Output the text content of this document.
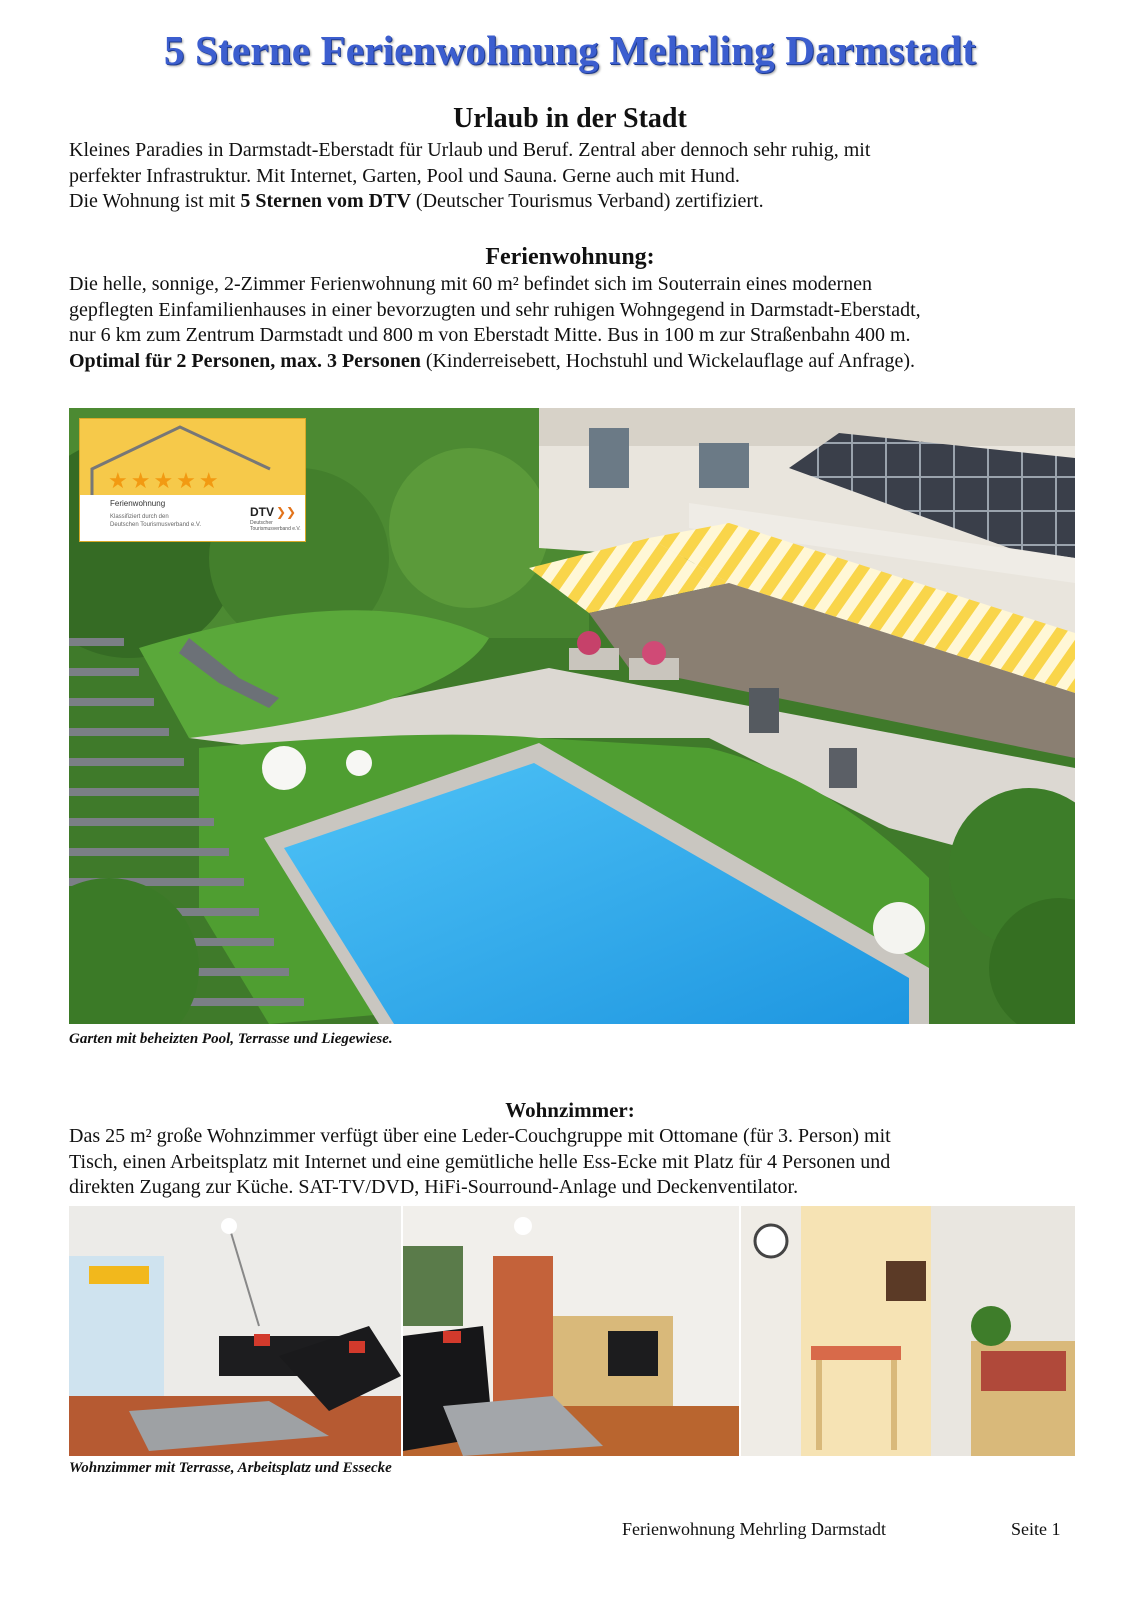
5 Sterne Ferienwohnung Mehrling Darmstadt
Urlaub in der Stadt
Kleines Paradies in Darmstadt-Eberstadt für Urlaub und Beruf. Zentral aber dennoch sehr ruhig, mit
perfekter Infrastruktur. Mit Internet, Garten, Pool und Sauna. Gerne auch mit Hund.
Die Wohnung ist mit 5 Sternen vom DTV (Deutscher Tourismus Verband) zertifiziert.
Ferienwohnung:
Die helle, sonnige, 2-Zimmer Ferienwohnung mit 60 m² befindet sich im Souterrain eines modernen
gepflegten Einfamilienhauses in einer bevorzugten und sehr ruhigen Wohngegend in Darmstadt-Eberstadt,
nur 6 km zum Zentrum Darmstadt und 800 m von Eberstadt Mitte. Bus in 100 m zur Straßenbahn 400 m.
Optimal für 2 Personen, max. 3 Personen (Kinderreisebett, Hochstuhl und Wickelauflage auf Anfrage).
★★★★★
Ferienwohnung
Klassifiziert durch den
Deutschen Tourismusverband e.V.
DTV ❯❯
Deutscher
Tourismusverband e.V.
Garten mit beheizten Pool, Terrasse und Liegewiese.
Wohnzimmer:
Das 25 m² große Wohnzimmer verfügt über eine Leder-Couchgruppe mit Ottomane (für 3. Person) mit
Tisch, einen Arbeitsplatz mit Internet und eine gemütliche helle Ess-Ecke mit Platz für 4 Personen und
direkten Zugang zur Küche. SAT-TV/DVD, HiFi-Sourround-Anlage und Deckenventilator.
Wohnzimmer mit Terrasse, Arbeitsplatz und Essecke
Ferienwohnung Mehrling Darmstadt	Seite 1
